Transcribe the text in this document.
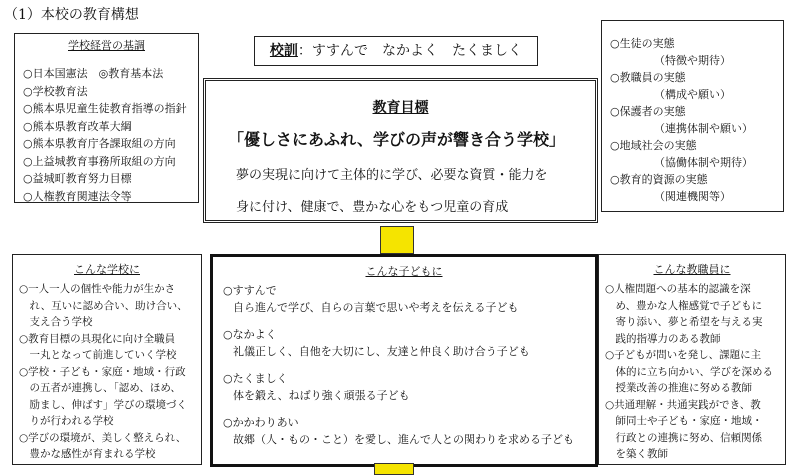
（1）本校の教育構想
学校経営の基調
○日本国憲法　◎教育基本法
○学校教育法
○熊本県児童生徒教育指導の指針
○熊本県教育改革大綱
○熊本県教育庁各課取組の方向
○上益城教育事務所取組の方向
○益城町教育努力目標
○人権教育関連法令等
校訓：すすんで　なかよく　たくましく
教育目標
「優しさにあふれ、学びの声が響き合う学校」
夢の実現に向けて主体的に学び、必要な資質・能力を
身に付け、健康で、豊かな心をもつ児童の育成
○生徒の実態
（特徴や期待）
○教職員の実態
（構成や願い）
○保護者の実態
（連携体制や願い）
○地域社会の実態
（協働体制や期待）
○教育的資源の実態
（関連機関等）
こんな学校に
○一人一人の個性や能力が生かさ
　れ、互いに認め合い、助け合い、
　支え合う学校
○教育目標の具現化に向け全職員
　一丸となって前進していく学校
○学校・子ども・家庭・地域・行政
　の五者が連携し、「認め、ほめ、
　励まし、伸ばす」学びの環境づく
　りが行われる学校
○学びの環境が、美しく整えられ、
　豊かな感性が育まれる学校
こんな子どもに
○すすんで
自ら進んで学び、自らの言葉で思いや考えを伝える子ども
○なかよく
礼儀正しく、自他を大切にし、友達と仲良く助け合う子ども
○たくましく
体を鍛え、ねばり強く頑張る子ども
○かかわりあい
故郷（人・もの・こと）を愛し、進んで人との関わりを求める子ども
こんな教職員に
○人権問題への基本的認識を深
　め、豊かな人権感覚で子どもに
　寄り添い、夢と希望を与える実
　践的指導力のある教師
○子どもが問いを発し、課題に主
　体的に立ち向かい、学びを深める
　授業改善の推進に努める教師
○共通理解・共通実践ができ、教
　師同士や子ども・家庭・地域・
　行政との連携に努め、信頼関係
　を築く教師
